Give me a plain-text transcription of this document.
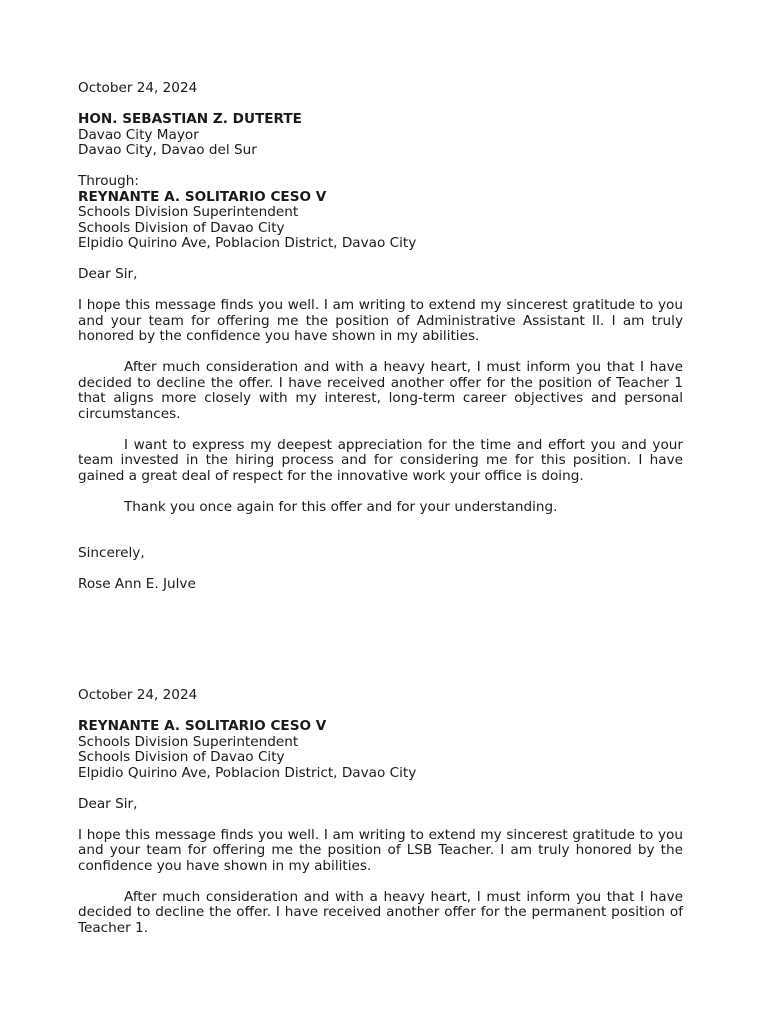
October 24, 2024

HON. SEBASTIAN Z. DUTERTE

Davao City Mayor

Davao City, Davao del Sur

Through:

REYNANTE A. SOLITARIO CESO V

Schools Division Superintendent

Schools Division of Davao City

Elpidio Quirino Ave, Poblacion District, Davao City

Dear Sir,

I hope this message finds you well. I am writing to extend my sincerest gratitude to you and your team for offering me the position of Administrative Assistant II. I am truly honored by the confidence you have shown in my abilities.

After much consideration and with a heavy heart, I must inform you that I have decided to decline the offer. I have received another offer for the position of Teacher 1 that aligns more closely with my interest, long-term career objectives and personal circumstances.

I want to express my deepest appreciation for the time and effort you and your team invested in the hiring process and for considering me for this position. I have gained a great deal of respect for the innovative work your office is doing.

Thank you once again for this offer and for your understanding.

Sincerely,

Rose Ann E. Julve

October 24, 2024

REYNANTE A. SOLITARIO CESO V

Schools Division Superintendent

Schools Division of Davao City

Elpidio Quirino Ave, Poblacion District, Davao City

Dear Sir,

I hope this message finds you well. I am writing to extend my sincerest gratitude to you and your team for offering me the position of LSB Teacher. I am truly honored by the confidence you have shown in my abilities.

After much consideration and with a heavy heart, I must inform you that I have decided to decline the offer. I have received another offer for the permanent position of Teacher 1.
